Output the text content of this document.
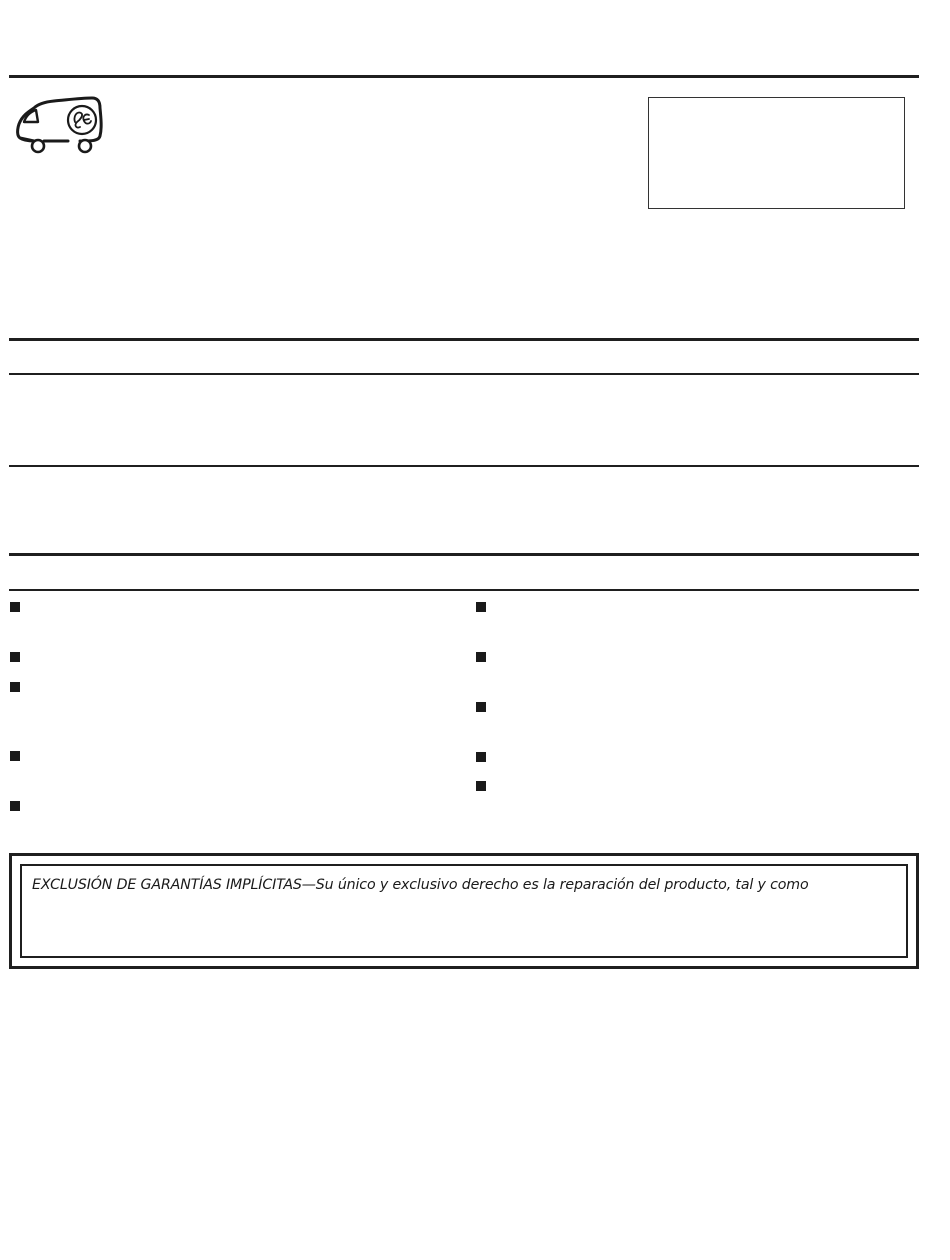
EXCLUSIÓN DE GARANTÍAS IMPLÍCITAS—Su único y exclusivo derecho es la reparación del producto, tal y como
